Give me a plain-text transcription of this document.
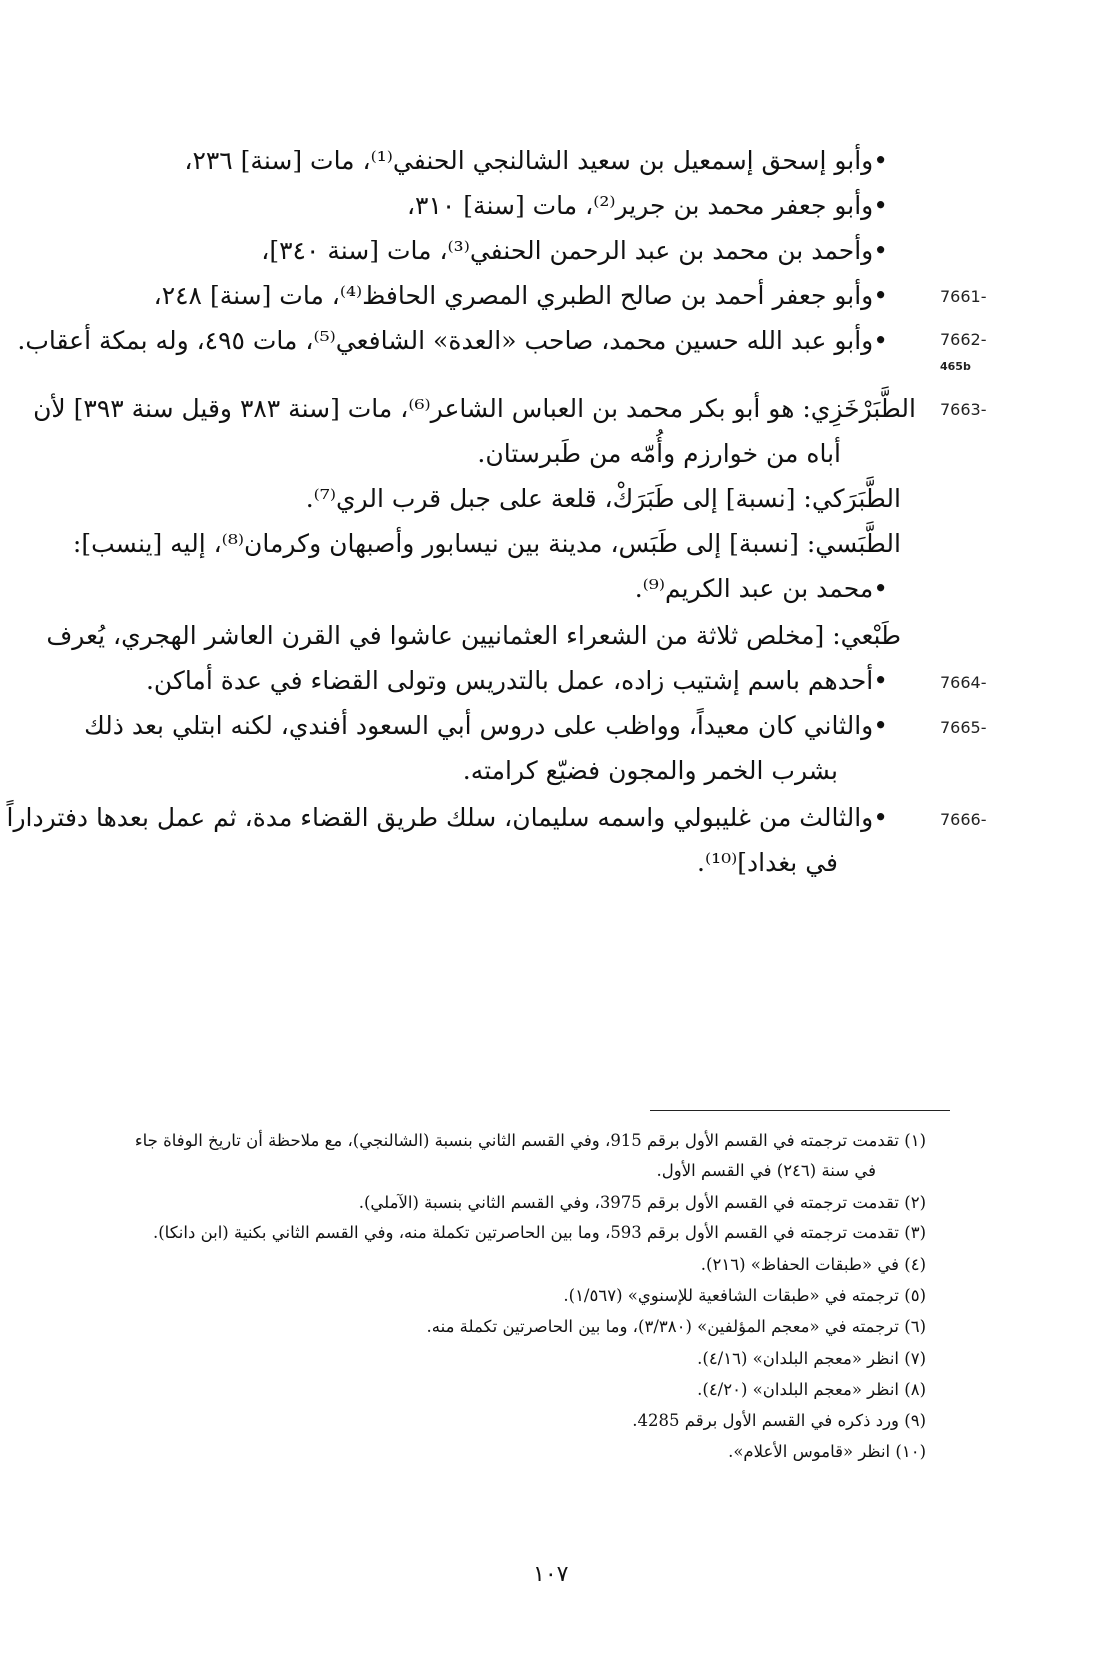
•وأبو إسحق إسمعيل بن سعيد الشالنجي الحنفي⁽¹⁾، مات [سنة] ٢٣٦،
•وأبو جعفر محمد بن جرير⁽²⁾، مات [سنة] ٣١٠،
•وأحمد بن محمد بن عبد الرحمن الحنفي⁽³⁾، مات [سنة ٣٤٠]،
7661-
•وأبو جعفر أحمد بن صالح الطبري المصري الحافظ⁽⁴⁾، مات [سنة] ٢٤٨،
7662-
•وأبو عبد الله حسين محمد، صاحب «العدة» الشافعي⁽⁵⁾، مات ٤٩٥، وله بمكة أعقاب.
465b
7663-
الطَّبَرْخَزِي: هو أبو بكر محمد بن العباس الشاعر⁽⁶⁾، مات [سنة ٣٨٣ وقيل سنة ٣٩٣] لأن
أباه من خوارزم وأُمّه من طَبرستان.
الطَّبَرَكي: [نسبة] إلى طَبَرَكْ، قلعة على جبل قرب الري⁽⁷⁾.
الطَّبَسي: [نسبة] إلى طَبَس، مدينة بين نيسابور وأصبهان وكرمان⁽⁸⁾، إليه [ينسب]:
•محمد بن عبد الكريم⁽⁹⁾.
طَبْعي: [مخلص ثلاثة من الشعراء العثمانيين عاشوا في القرن العاشر الهجري، يُعرف
7664-
•أحدهم باسم إشتيب زاده، عمل بالتدريس وتولى القضاء في عدة أماكن.
7665-
•والثاني كان معيداً، وواظب على دروس أبي السعود أفندي، لكنه ابتلي بعد ذلك
بشرب الخمر والمجون فضيّع كرامته.
7666-
•والثالث من غليبولي واسمه سليمان، سلك طريق القضاء مدة، ثم عمل بعدها دفترداراً
في بغداد]⁽¹⁰⁾.
(١) تقدمت ترجمته في القسم الأول برقم 915، وفي القسم الثاني بنسبة (الشالنجي)، مع ملاحظة أن تاريخ الوفاة جاء
في سنة (٢٤٦) في القسم الأول.
(٢) تقدمت ترجمته في القسم الأول برقم 3975، وفي القسم الثاني بنسبة (الآملي).
(٣) تقدمت ترجمته في القسم الأول برقم 593، وما بين الحاصرتين تكملة منه، وفي القسم الثاني بكنية (ابن دانكا).
(٤) في «طبقات الحفاظ» (٢١٦).
(٥) ترجمته في «طبقات الشافعية للإسنوي» (١/٥٦٧).
(٦) ترجمته في «معجم المؤلفين» (٣/٣٨٠)، وما بين الحاصرتين تكملة منه.
(٧) انظر «معجم البلدان» (٤/١٦).
(٨) انظر «معجم البلدان» (٤/٢٠).
(٩) ورد ذكره في القسم الأول برقم 4285.
(١٠) انظر «قاموس الأعلام».
١٠٧
